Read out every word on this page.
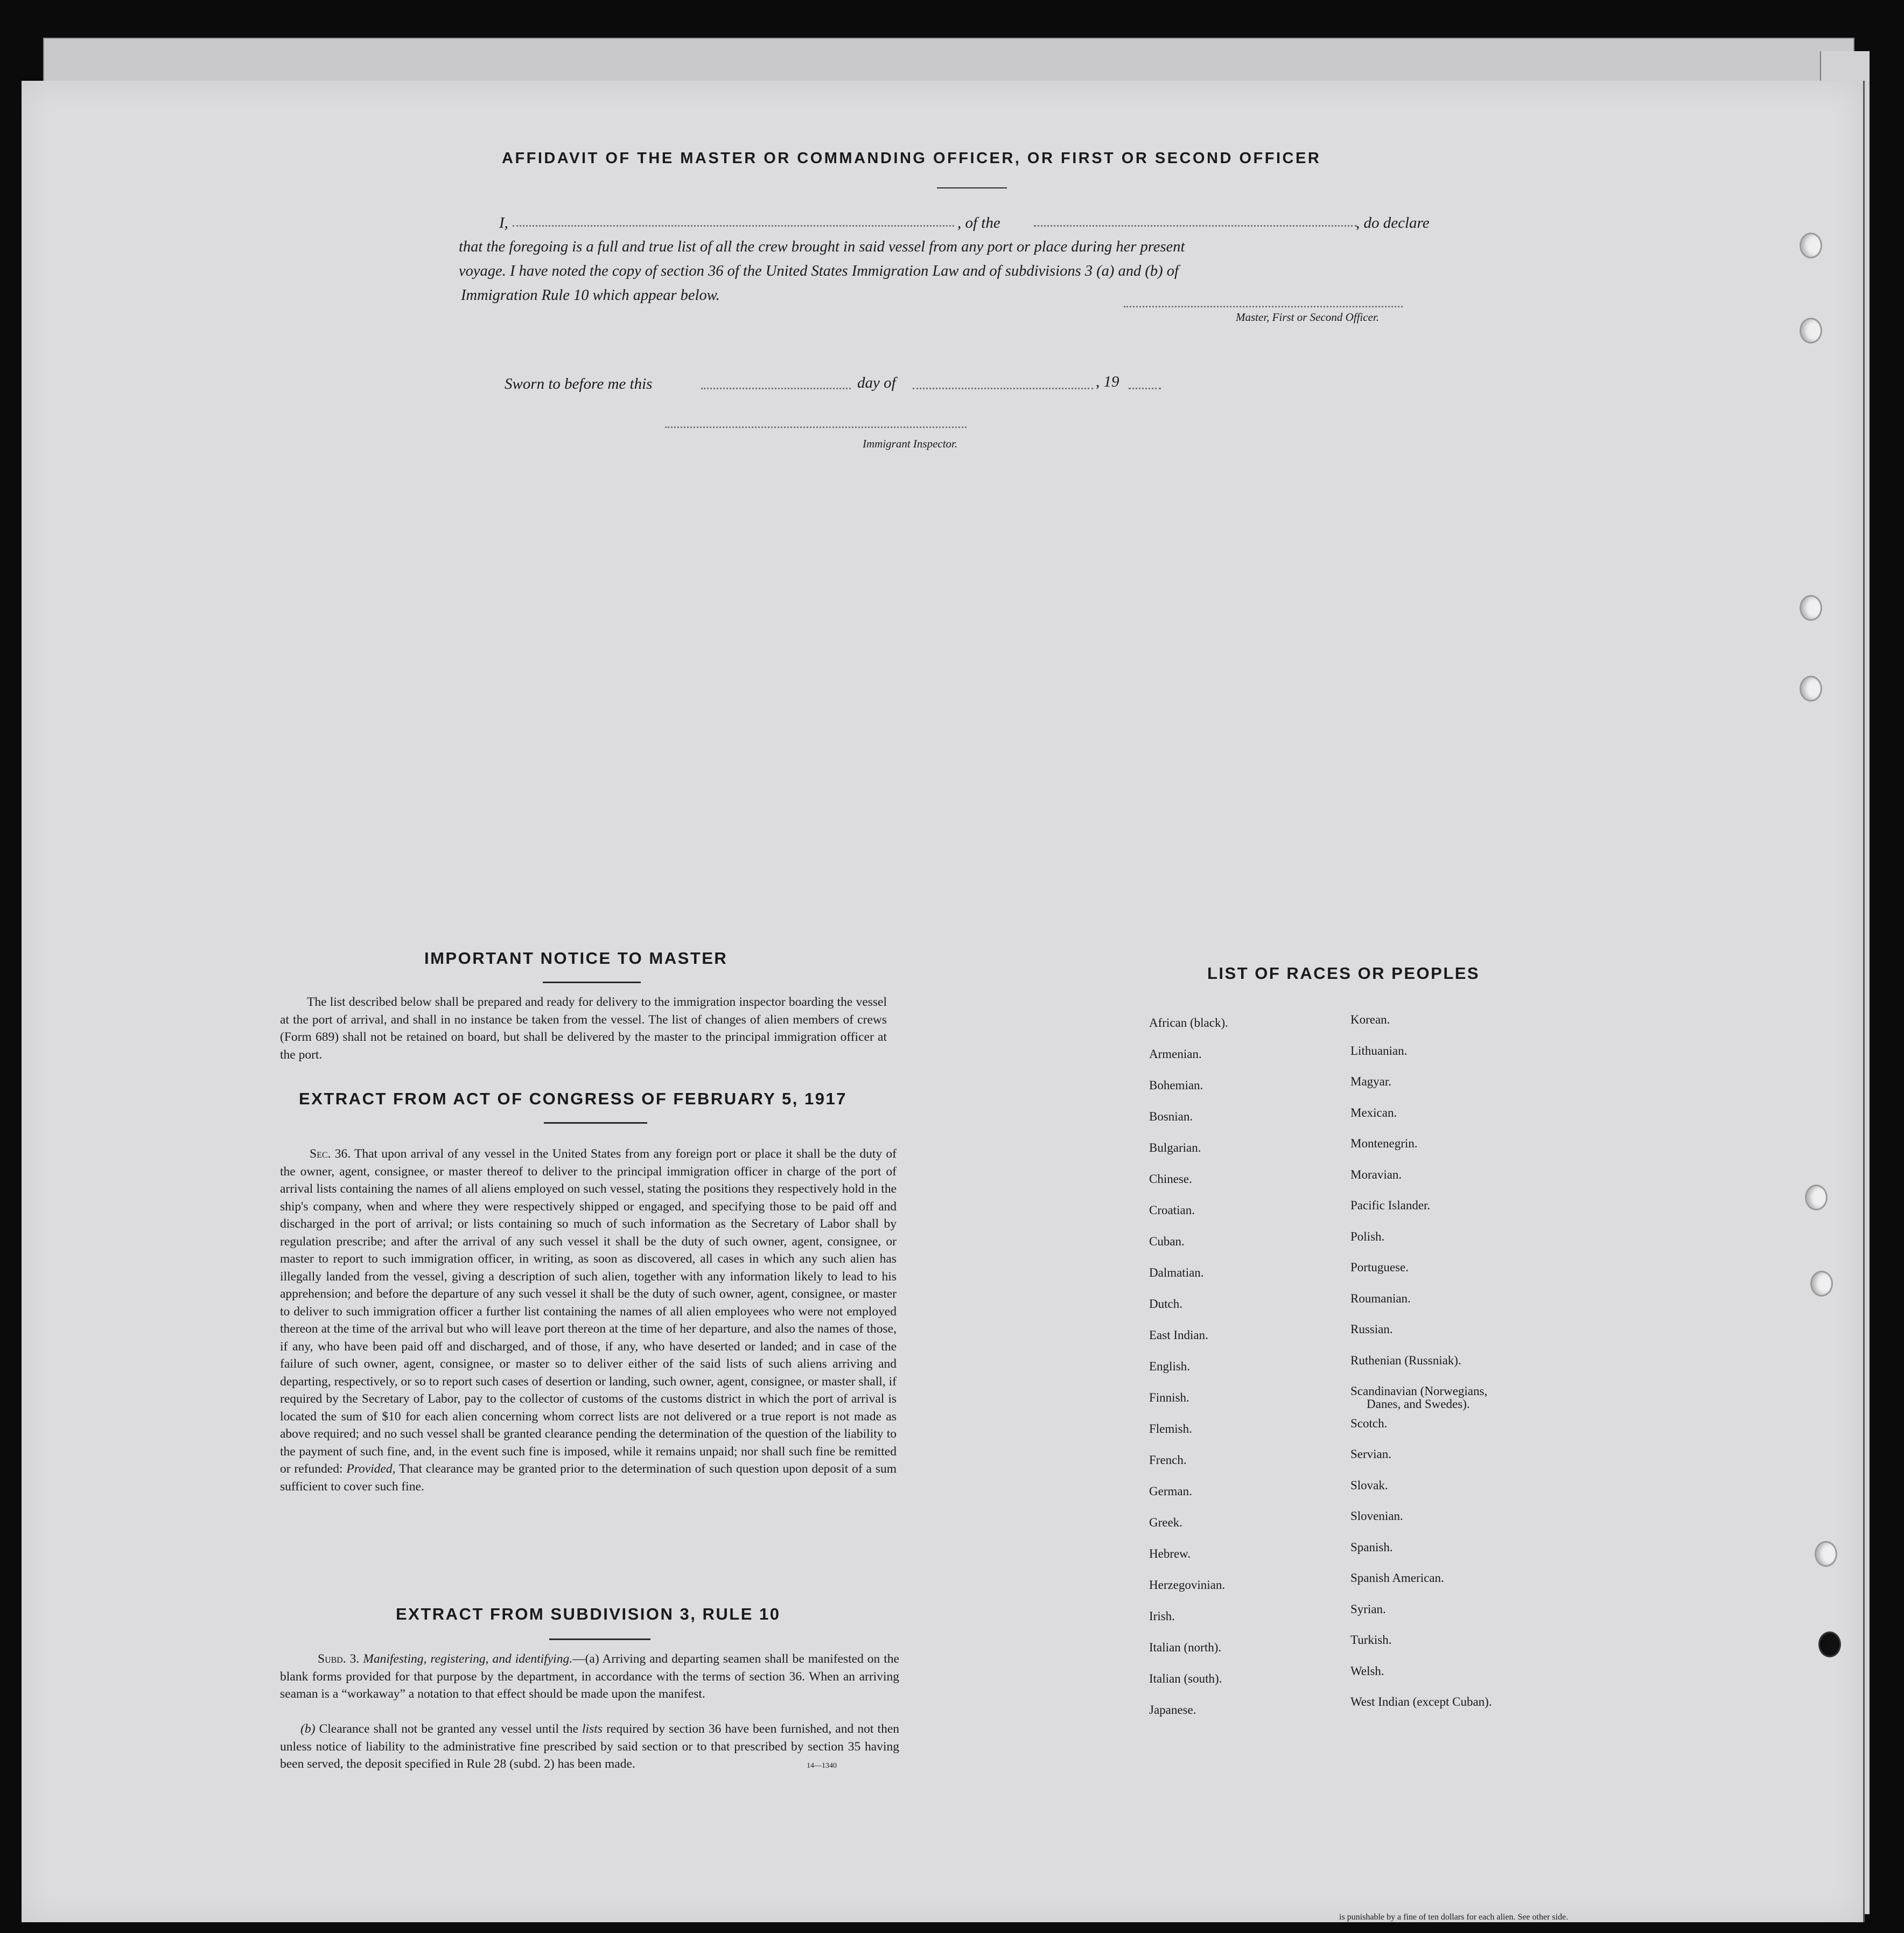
AFFIDAVIT OF THE MASTER OR COMMANDING OFFICER, OR FIRST OR SECOND OFFICER
I,	, of the	, do declare
that the foregoing is a full and true list of all the crew brought in said vessel from any port or place during her present
voyage. I have noted the copy of section 36 of the United States Immigration Law and of subdivisions 3 (a) and (b) of
Immigration Rule 10 which appear below.
Master, First or Second Officer.
Sworn to before me this	day of	, 19
Immigrant Inspector.
IMPORTANT NOTICE TO MASTER
The list described below shall be prepared and ready for delivery to the immigration inspector boarding the vessel at the port of arrival, and shall in no instance be taken from the vessel. The list of changes of alien members of crews (Form 689) shall not be retained on board, but shall be delivered by the master to the principal immigration officer at the port.
EXTRACT FROM ACT OF CONGRESS OF FEBRUARY 5, 1917
Sec. 36. That upon arrival of any vessel in the United States from any foreign port or place it shall be the duty of the owner, agent, consignee, or master thereof to deliver to the principal immigration officer in charge of the port of arrival lists containing the names of all aliens employed on such vessel, stating the positions they respectively hold in the ship's company, when and where they were respectively shipped or engaged, and specifying those to be paid off and discharged in the port of arrival; or lists containing so much of such information as the Secretary of Labor shall by regulation prescribe; and after the arrival of any such vessel it shall be the duty of such owner, agent, consignee, or master to report to such immigration officer, in writing, as soon as discovered, all cases in which any such alien has illegally landed from the vessel, giving a description of such alien, together with any information likely to lead to his apprehension; and before the departure of any such vessel it shall be the duty of such owner, agent, consignee, or master to deliver to such immigration officer a further list containing the names of all alien employees who were not employed thereon at the time of the arrival but who will leave port thereon at the time of her departure, and also the names of those, if any, who have been paid off and discharged, and of those, if any, who have deserted or landed; and in case of the failure of such owner, agent, consignee, or master so to deliver either of the said lists of such aliens arriving and departing, respectively, or so to report such cases of desertion or landing, such owner, agent, consignee, or master shall, if required by the Secretary of Labor, pay to the collector of customs of the customs district in which the port of arrival is located the sum of $10 for each alien concerning whom correct lists are not delivered or a true report is not made as above required; and no such vessel shall be granted clearance pending the determination of the question of the liability to the payment of such fine, and, in the event such fine is imposed, while it remains unpaid; nor shall such fine be remitted or refunded: Provided, That clearance may be granted prior to the determination of such question upon deposit of a sum sufficient to cover such fine.
EXTRACT FROM SUBDIVISION 3, RULE 10
Subd. 3. Manifesting, registering, and identifying.—(a) Arriving and departing seamen shall be manifested on the blank forms provided for that purpose by the department, in accordance with the terms of section 36. When an arriving seaman is a “workaway” a notation to that effect should be made upon the manifest.
(b) Clearance shall not be granted any vessel until the lists required by section 36 have been furnished, and not then unless notice of liability to the administrative fine prescribed by said section or to that prescribed by section 35 having been served, the deposit specified in Rule 28 (subd. 2) has been made.	14—1340
LIST OF RACES OR PEOPLES
African (black).
Armenian.
Bohemian.
Bosnian.
Bulgarian.
Chinese.
Croatian.
Cuban.
Dalmatian.
Dutch.
East Indian.
English.
Finnish.
Flemish.
French.
German.
Greek.
Hebrew.
Herzegovinian.
Irish.
Italian (north).
Italian (south).
Japanese.
Korean.
Lithuanian.
Magyar.
Mexican.
Montenegrin.
Moravian.
Pacific Islander.
Polish.
Portuguese.
Roumanian.
Russian.
Ruthenian (Russniak).
Scandinavian (Norwegians,
Scotch.
Servian.
Slovak.
Slovenian.
Spanish.
Spanish American.
Syrian.
Turkish.
Welsh.
West Indian (except Cuban).
Danes, and Swedes).
is punishable by a fine of ten dollars for each alien. See other side.
